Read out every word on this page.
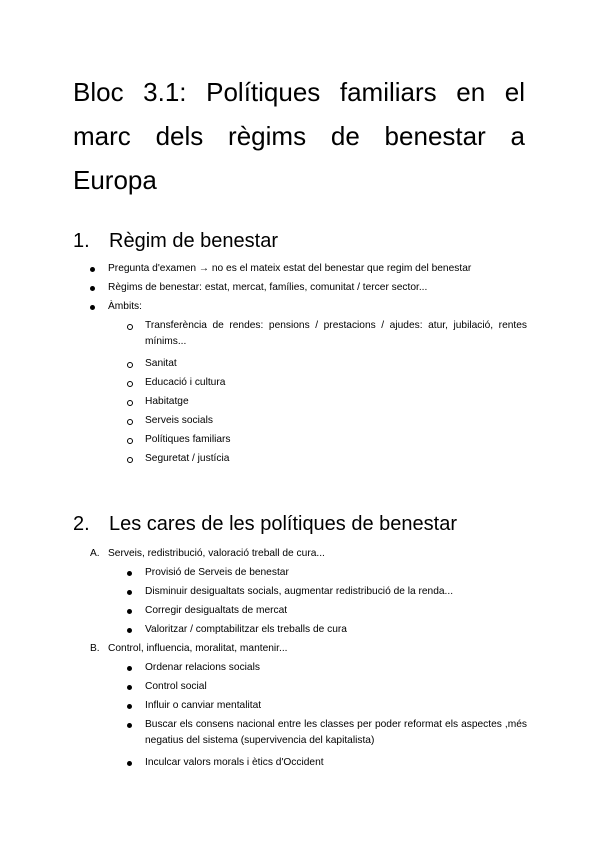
Bloc 3.1: Polítiques familiars en el
marc dels règims de benestar a
Europa
1. Règim de benestar
Pregunta d'examen → no es el mateix estat del benestar que regim del benestar
Règims de benestar: estat, mercat, famílies, comunitat / tercer sector...
Àmbits:
Transferència de rendes: pensions / prestacions / ajudes: atur, jubilació, rentes mínims...
Sanitat
Educació i cultura
Habitatge
Serveis socials
Polítiques familiars
Seguretat / justícia
2. Les cares de les polítiques de benestar
A. Serveis, redistribució, valoració treball de cura...
Provisió de Serveis de benestar
Disminuir desigualtats socials, augmentar redistribució de la renda...
Corregir desigualtats de mercat
Valoritzar / comptabilitzar els treballs de cura
B. Control, influencia, moralitat, mantenir...
Ordenar relacions socials
Control social
Influir o canviar mentalitat
Buscar els consens nacional entre les classes per poder reformat els aspectes ,més negatius del sistema (supervivencia del kapitalista)
Inculcar valors morals i ètics d'Occident
